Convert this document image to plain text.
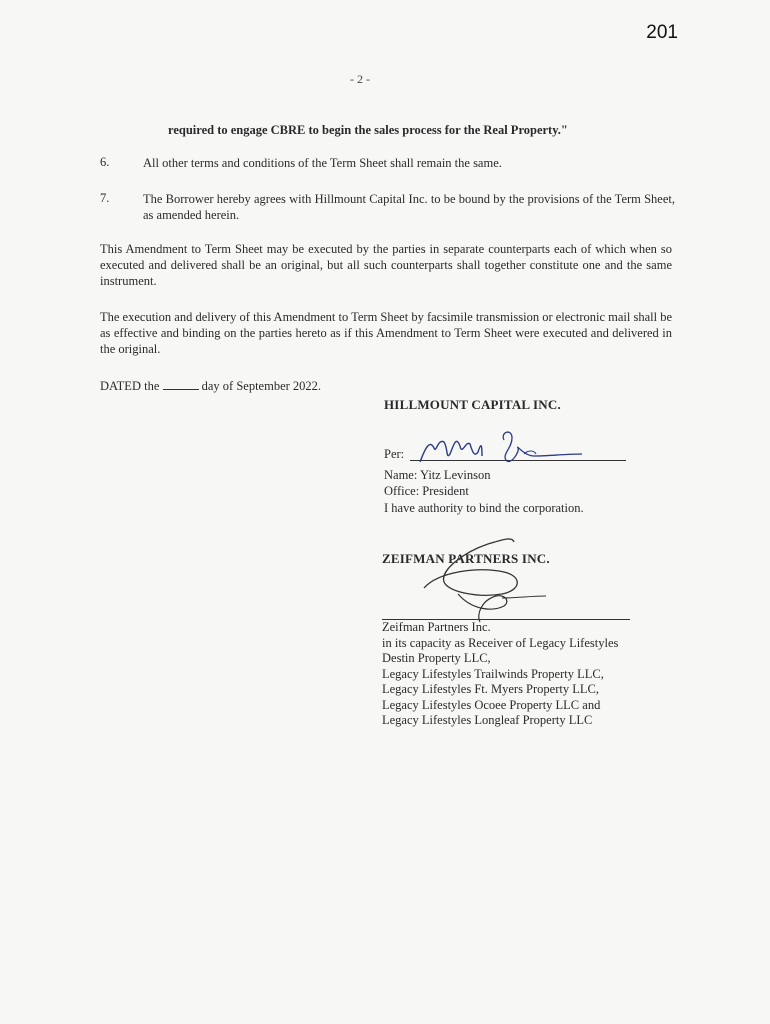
201
- 2 -
required to engage CBRE to begin the sales process for the Real Property."
6.	All other terms and conditions of the Term Sheet shall remain the same.
7.	The Borrower hereby agrees with Hillmount Capital Inc. to be bound by the provisions of the Term Sheet, as amended herein.
This Amendment to Term Sheet may be executed by the parties in separate counterparts each of which when so executed and delivered shall be an original, but all such counterparts shall together constitute one and the same instrument.
The execution and delivery of this Amendment to Term Sheet by facsimile transmission or electronic mail shall be as effective and binding on the parties hereto as if this Amendment to Term Sheet were executed and delivered in the original.
DATED the	day of September 2022.
HILLMOUNT CAPITAL INC.
Per:
Name: Yitz Levinson
Office: President
I have authority to bind the corporation.
ZEIFMAN PARTNERS INC.
Zeifman Partners Inc.
in its capacity as Receiver of Legacy Lifestyles
Destin Property LLC,
Legacy Lifestyles Trailwinds Property LLC,
Legacy Lifestyles Ft. Myers Property LLC,
Legacy Lifestyles Ocoee Property LLC and
Legacy Lifestyles Longleaf Property LLC
